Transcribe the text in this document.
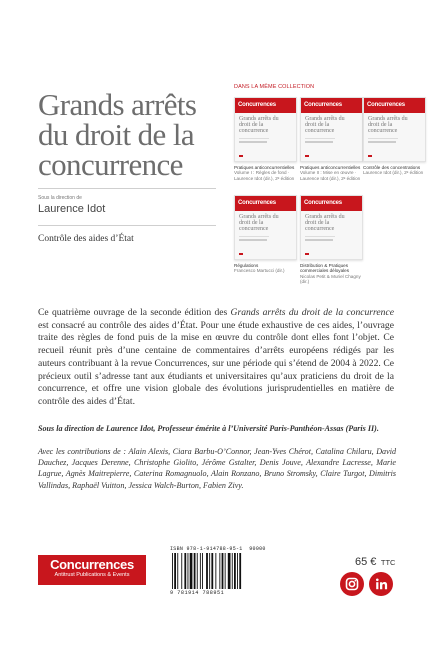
Grands arrêts
du droit de la
concurrence
Sous la direction de
Laurence Idot
Contrôle des aides d’État
DANS LA MÊME COLLECTION
Concurrences
Grands arrêts du droit de la concurrence
Pratiques anticoncurrentielles
Volume I : Règles de fond · Laurence Idot (dir.), 2ᵉ édition
Concurrences
Grands arrêts du droit de la concurrence
Pratiques anticoncurrentielles
Volume II : Mise en œuvre · Laurence Idot (dir.), 2ᵉ édition
Concurrences
Grands arrêts du droit de la concurrence
Contrôle des concentrations
Laurence Idot (dir.), 2ᵉ édition
Concurrences
Grands arrêts du droit de la concurrence
Régulations
Francesco Martucci (dir.)
Concurrences
Grands arrêts du droit de la concurrence
Distribution & Pratiques commerciales déloyales
Nicolas Petit & Muriel Chagny (dir.)
Ce quatrième ouvrage de la seconde édition des Grands arrêts du droit de la concurrence est consacré au contrôle des aides d’État. Pour une étude exhaustive de ces aides, l’ouvrage traite des règles de fond puis de la mise en œuvre du contrôle dont elles font l’objet. Ce recueil réunit près d’une centaine de commentaires d’arrêts européens rédigés par les auteurs contribuant à la revue Concurrences, sur une période qui s’étend de 2004 à 2022. Ce précieux outil s’adresse tant aux étudiants et universitaires qu’aux praticiens du droit de la concurrence, et offre une vision globale des évolutions jurisprudentielles en matière de contrôle des aides d’État.
Sous la direction de Laurence Idot, Professeur émérite à l’Université Paris-Panthéon-Assas (Paris II).
Avec les contributions de : Alain Alexis, Ciara Barbu-O’Connor, Jean-Yves Chérot, Catalina Chilaru, David Dauchez, Jacques Derenne, Christophe Giolito, Jérôme Gstalter, Denis Jouve, Alexandre Lacresse, Marie Lagrue, Agnès Maitrepierre, Caterina Romagnuolo, Alain Ronzano, Bruno Stromsky, Claire Turgot, Dimitris Vallindas, Raphaël Vuitton, Jessica Walch-Burton, Fabien Zivy.
Concurrences
Antitrust Publications & Events
ISBN 978-1-914788-95-1 90000
9 781914 788951
65 € TTC
